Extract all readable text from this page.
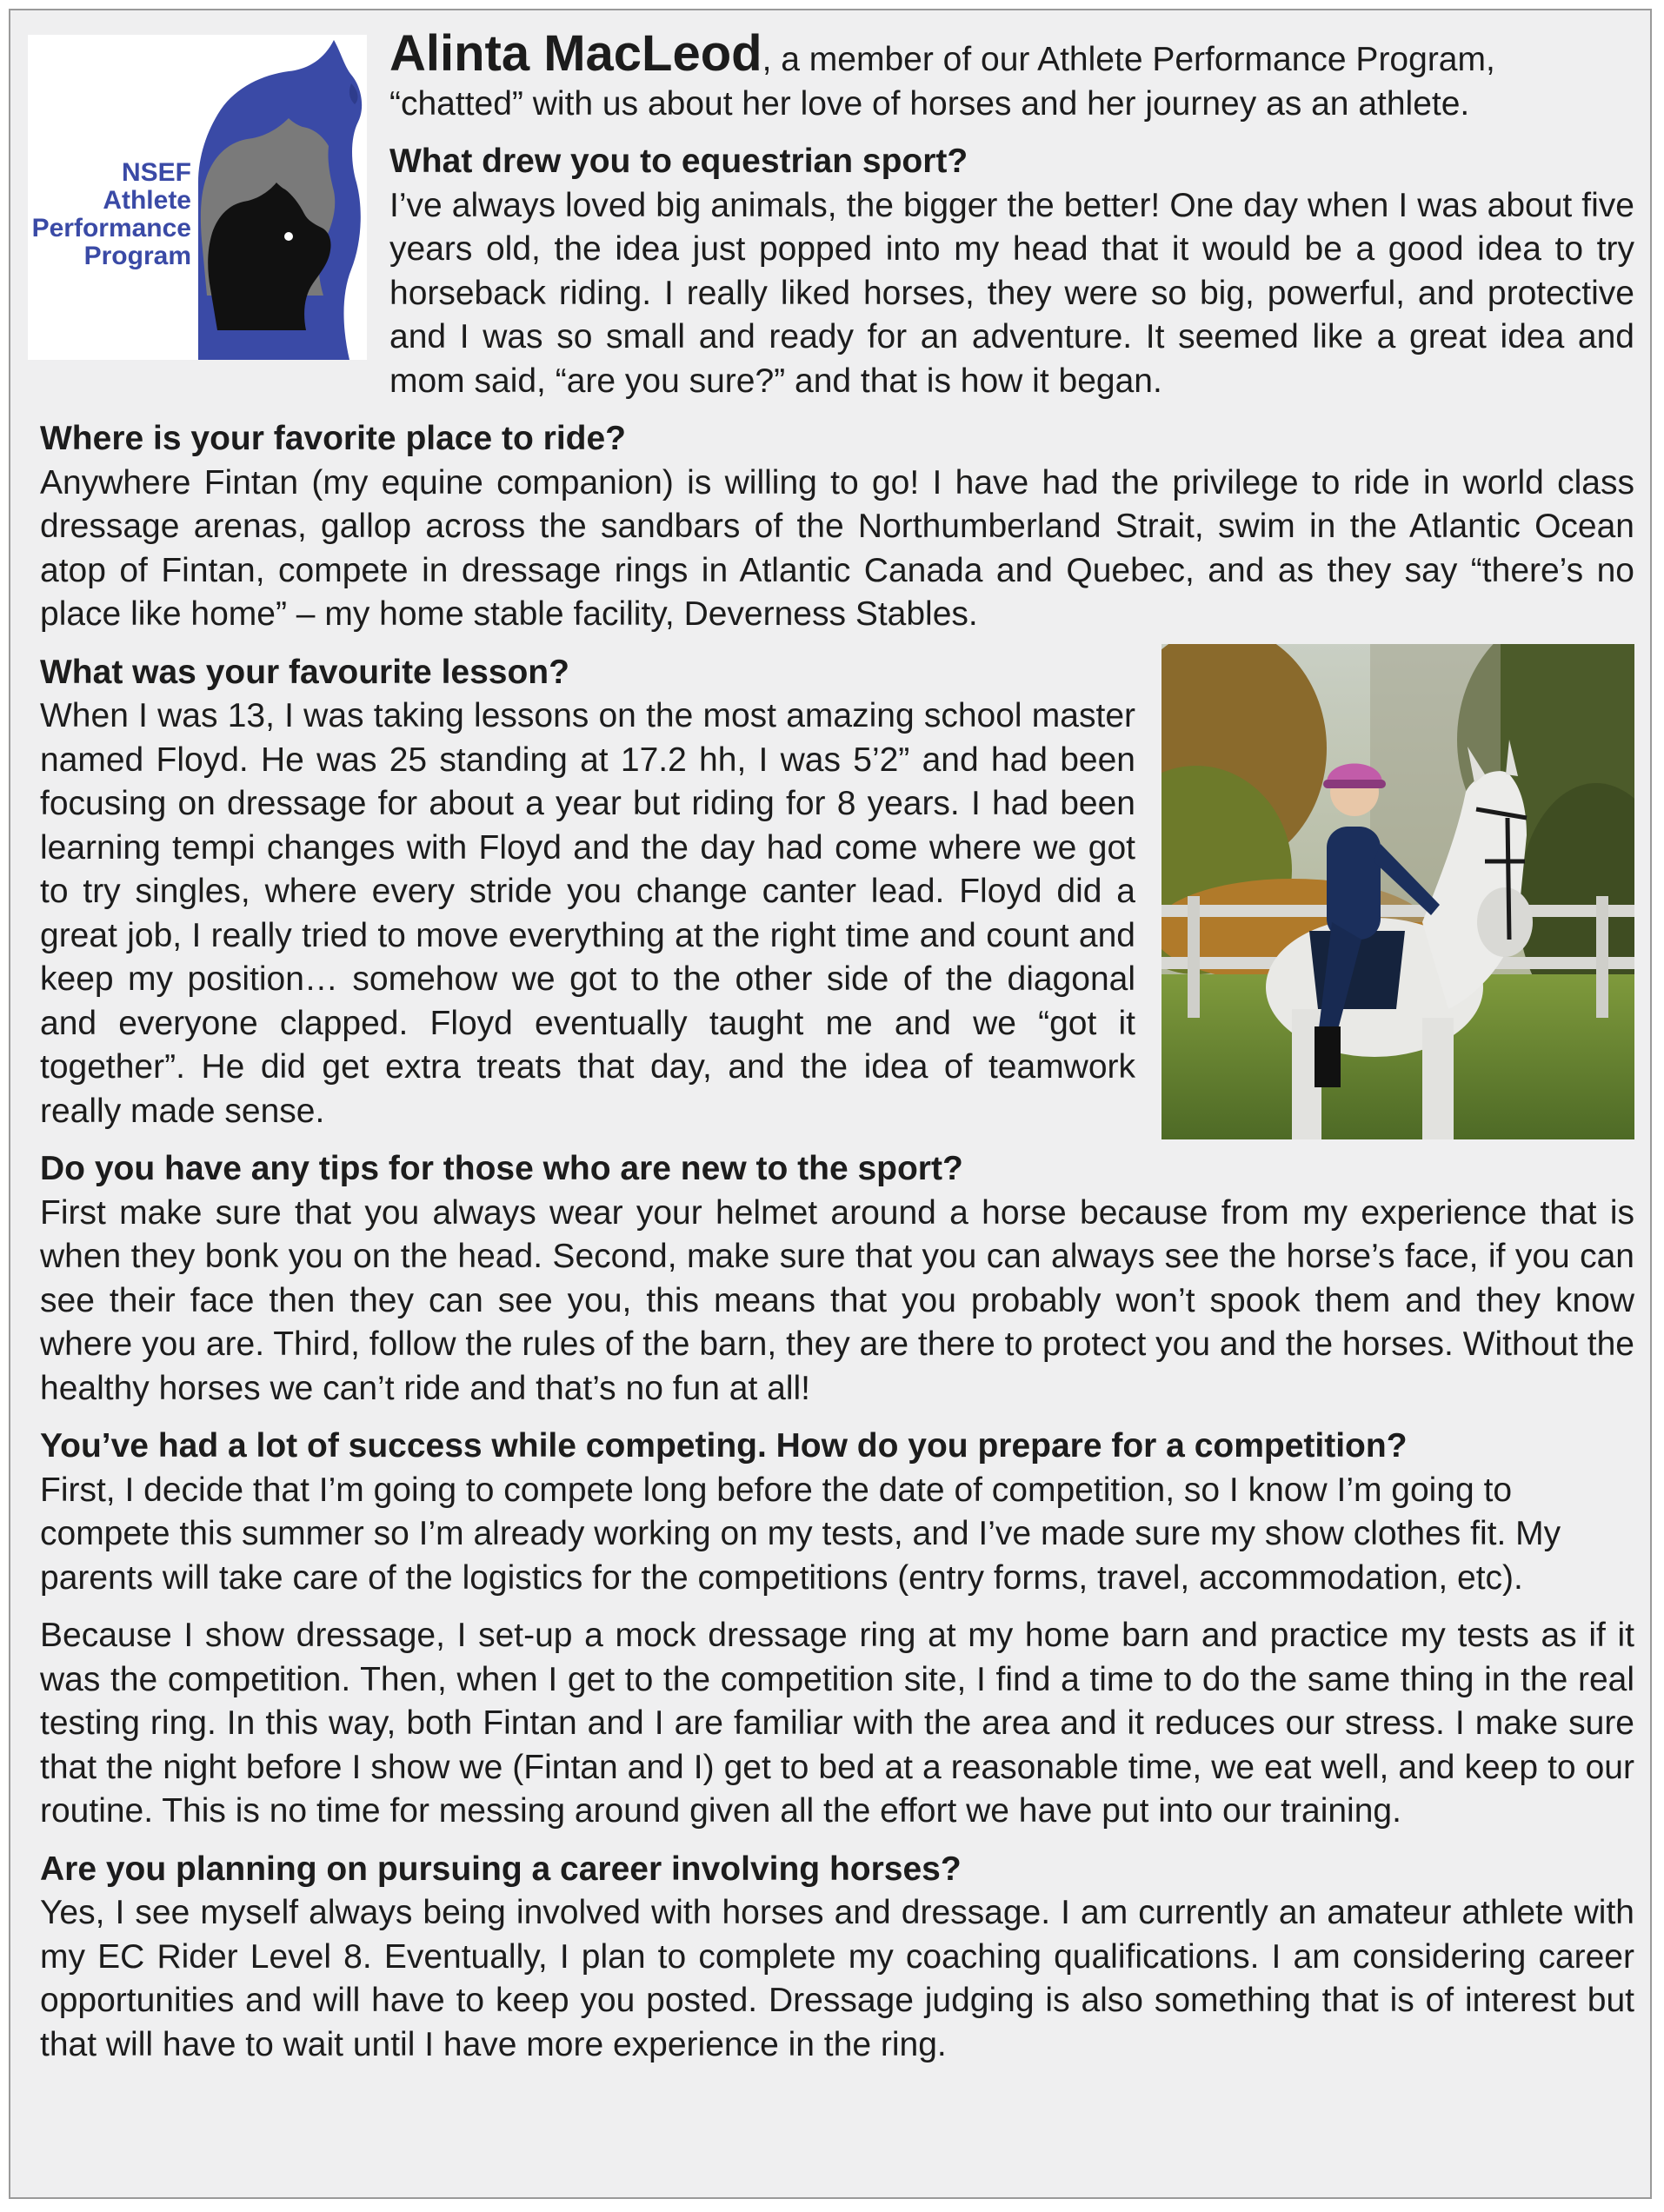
NSEF
Athlete
Performance
Program

Alinta MacLeod, a member of our Athlete Performance Program, “chatted” with us about her love of horses and her journey as an athlete.

What drew you to equestrian sport?

I’ve always loved big animals, the bigger the better! One day when I was about five years old, the idea just popped into my head that it would be a good idea to try horseback riding. I really liked horses, they were so big, powerful, and protective and I was so small and ready for an adventure. It seemed like a great idea and mom said, “are you sure?” and that is how it began.

Where is your favorite place to ride?

Anywhere Fintan (my equine companion) is willing to go! I have had the privilege to ride in world class dressage arenas, gallop across the sandbars of the Northumberland Strait, swim in the Atlantic Ocean atop of Fintan, compete in dressage rings in Atlantic Canada and Quebec, and as they say “there’s no place like home” – my home stable facility, Deverness Stables.

What was your favourite lesson?

When I was 13, I was taking lessons on the most amazing school master named Floyd. He was 25 standing at 17.2 hh, I was 5’2” and had been focusing on dressage for about a year but riding for 8 years. I had been learning tempi changes with Floyd and the day had come where we got to try singles, where every stride you change canter lead. Floyd did a great job, I really tried to move everything at the right time and count and keep my position… somehow we got to the other side of the diagonal and everyone clapped. Floyd eventually taught me and we “got it together”. He did get extra treats that day, and the idea of teamwork really made sense.

Do you have any tips for those who are new to the sport?

First make sure that you always wear your helmet around a horse because from my experience that is when they bonk you on the head. Second, make sure that you can always see the horse’s face, if you can see their face then they can see you, this means that you probably won’t spook them and they know where you are. Third, follow the rules of the barn, they are there to protect you and the horses. Without the healthy horses we can’t ride and that’s no fun at all!

You’ve had a lot of success while competing. How do you prepare for a competition?

First, I decide that I’m going to compete long before the date of competition, so I know I’m going to compete this summer so I’m already working on my tests, and I’ve made sure my show clothes fit. My parents will take care of the logistics for the competitions (entry forms, travel, accommodation, etc).

Because I show dressage, I set-up a mock dressage ring at my home barn and practice my tests as if it was the competition. Then, when I get to the competition site, I find a time to do the same thing in the real testing ring. In this way, both Fintan and I are familiar with the area and it reduces our stress. I make sure that the night before I show we (Fintan and I) get to bed at a reasonable time, we eat well, and keep to our routine. This is no time for messing around given all the effort we have put into our training.

Are you planning on pursuing a career involving horses?

Yes, I see myself always being involved with horses and dressage. I am currently an amateur athlete with my EC Rider Level 8. Eventually, I plan to complete my coaching qualifications. I am considering career opportunities and will have to keep you posted. Dressage judging is also something that is of interest but that will have to wait until I have more experience in the ring.
